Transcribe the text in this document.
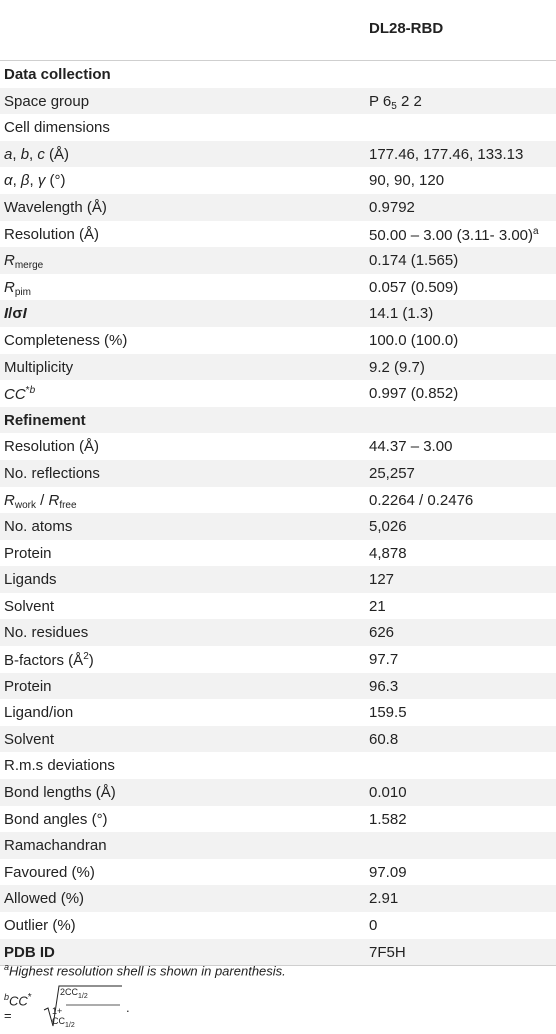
DL28-RBD
Data collection
Space group	P $6_5$ 2 2
Cell dimensions
a, b, c (Å)	177.46, 177.46, 133.13
α, β, γ (°)	90, 90, 120
Wavelength (Å)	0.9792
Resolution (Å)	50.00 – 3.00 (3.11- 3.00)$^a$
$R_{merge}$	0.174 (1.565)
$R_{pim}$	0.057 (0.509)
I/σI	14.1 (1.3)
Completeness (%)	100.0 (100.0)
Multiplicity	9.2 (9.7)
CC$^{*b}$	0.997 (0.852)
Refinement
Resolution (Å)	44.37 – 3.00
No. reflections	25,257
$R_{work} / R_{free}$	0.2264 / 0.2476
No. atoms	5,026
Protein	4,878
Ligands	127
Solvent	21
No. residues	626
B-factors $(Å^2)$	97.7
Protein	96.3
Ligand/ion	159.5
Solvent	60.8
R.m.s deviations
Bond lengths (Å)	0.010
Bond angles (°)	1.582
Ramachandran
Favoured (%)	97.09
Allowed (%)	2.91
Outlier (%)	0
PDB ID	7F5H
$^a$Highest resolution shell is shown in parenthesis.
$^b$CC* =
$2CC_{1/2}$
$1+ CC_{1/2}$
.
